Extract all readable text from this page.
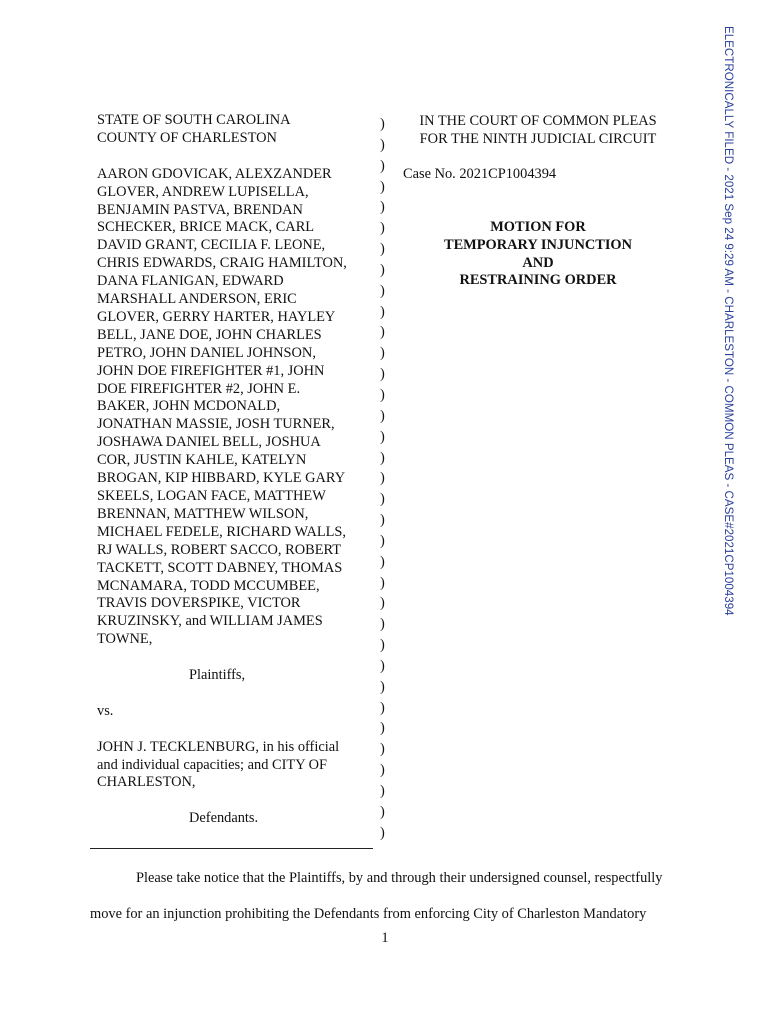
ELECTRONICALLY FILED - 2021 Sep 24 9:29 AM - CHARLESTON - COMMON PLEAS - CASE#2021CP1004394
STATE OF SOUTH CAROLINA
COUNTY OF CHARLESTON
AARON GDOVICAK, ALEXZANDER
GLOVER, ANDREW LUPISELLA,
BENJAMIN PASTVA, BRENDAN
SCHECKER, BRICE MACK, CARL
DAVID GRANT, CECILIA F. LEONE,
CHRIS EDWARDS, CRAIG HAMILTON,
DANA FLANIGAN, EDWARD
MARSHALL ANDERSON, ERIC
GLOVER, GERRY HARTER, HAYLEY
BELL, JANE DOE, JOHN CHARLES
PETRO, JOHN DANIEL JOHNSON,
JOHN DOE FIREFIGHTER #1, JOHN
DOE FIREFIGHTER #2, JOHN E.
BAKER, JOHN MCDONALD,
JONATHAN MASSIE, JOSH TURNER,
JOSHAWA DANIEL BELL, JOSHUA
COR, JUSTIN KAHLE, KATELYN
BROGAN, KIP HIBBARD, KYLE GARY
SKEELS, LOGAN FACE, MATTHEW
BRENNAN, MATTHEW WILSON,
MICHAEL FEDELE, RICHARD WALLS,
RJ WALLS, ROBERT SACCO, ROBERT
TACKETT, SCOTT DABNEY, THOMAS
MCNAMARA, TODD MCCUMBEE,
TRAVIS DOVERSPIKE, VICTOR
KRUZINSKY, and WILLIAM JAMES
TOWNE,
Plaintiffs,
vs.
JOHN J. TECKLENBURG, in his official
and individual capacities; and CITY OF
CHARLESTON,
Defendants.
)
)
)
)
)
)
)
)
)
)
)
)
)
)
)
)
)
)
)
)
)
)
)
)
)
)
)
)
)
)
)
)
)
)
)
IN THE COURT OF COMMON PLEAS
FOR THE NINTH JUDICIAL CIRCUIT
Case No. 2021CP1004394
MOTION FOR
TEMPORARY INJUNCTION
AND
RESTRAINING ORDER
Please take notice that the Plaintiffs, by and through their undersigned counsel, respectfully
move for an injunction prohibiting the Defendants from enforcing City of Charleston Mandatory
1
